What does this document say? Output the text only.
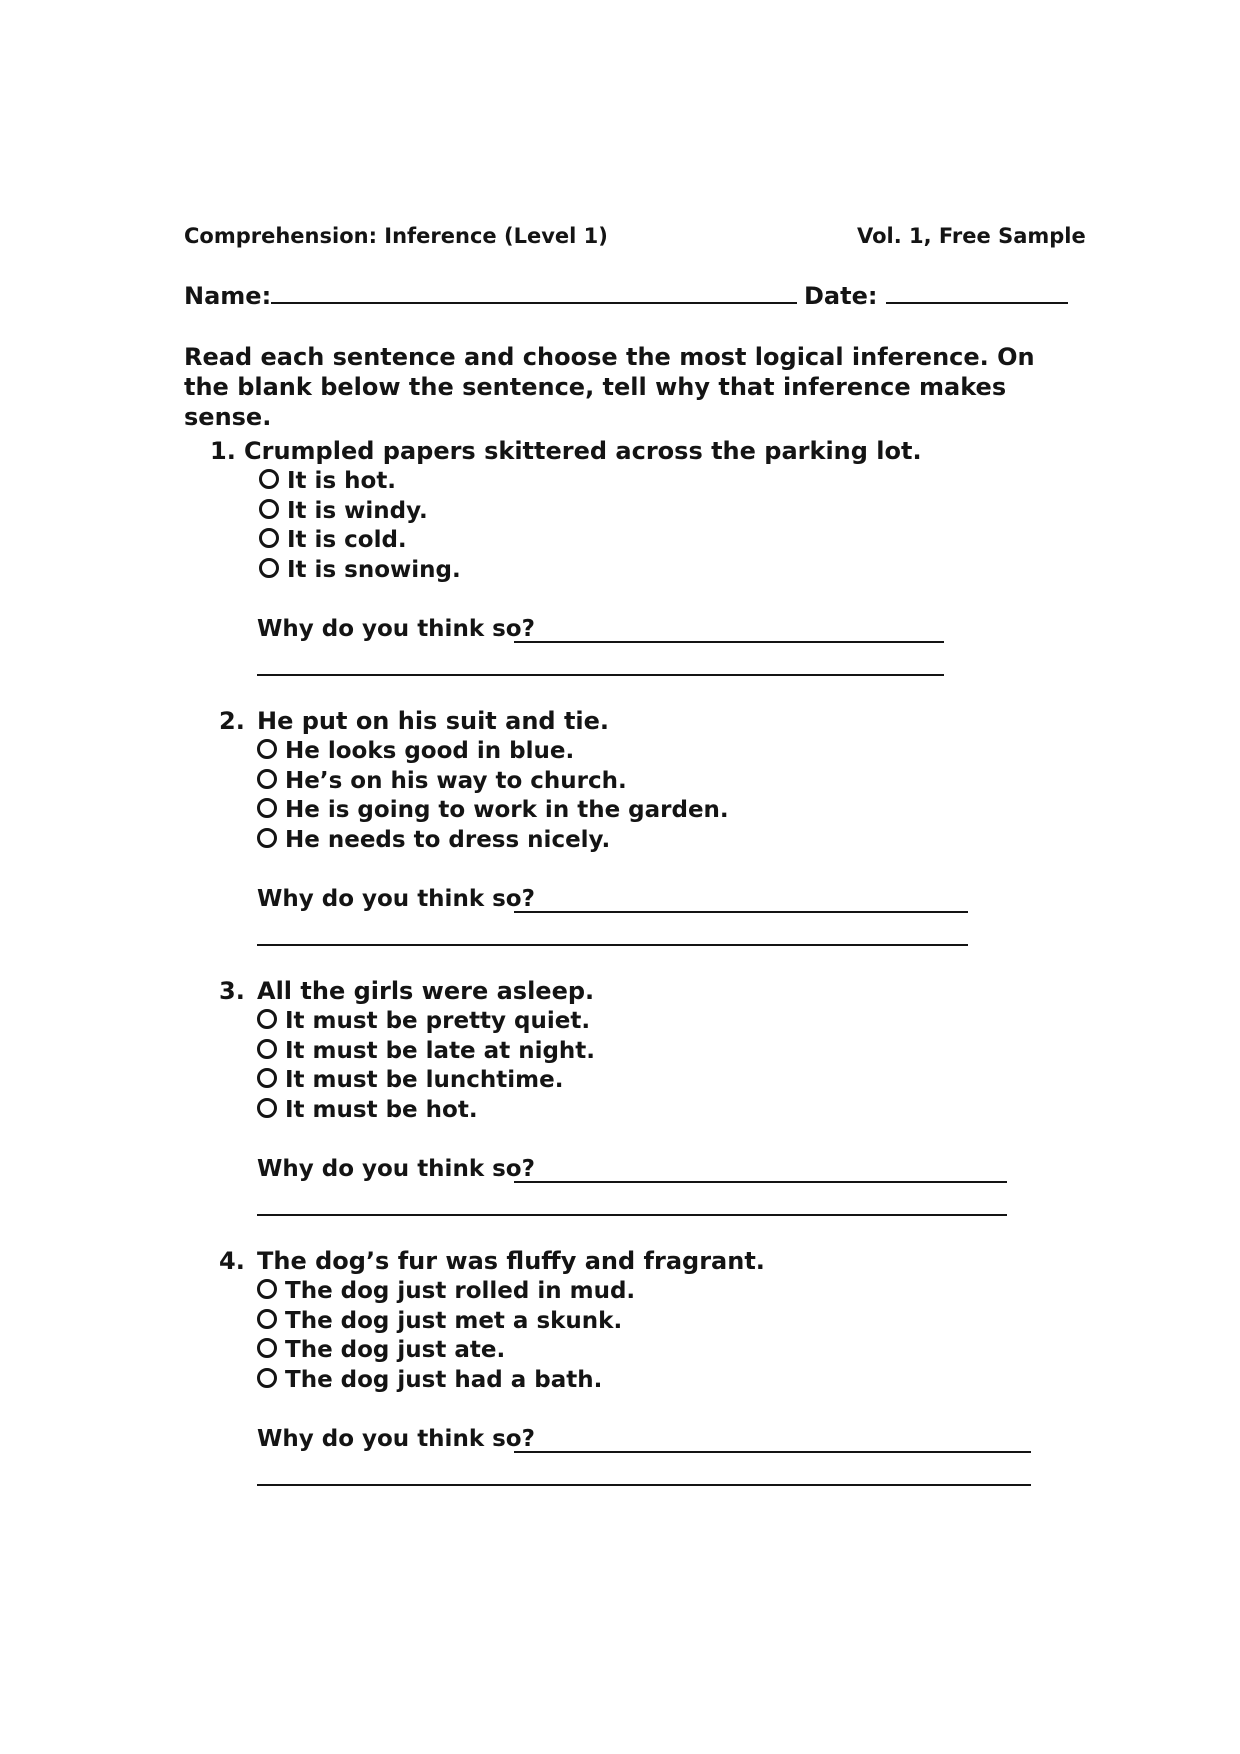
Comprehension: Inference (Level 1)	Vol. 1, Free Sample
Name:	Date:
Read each sentence and choose the most logical inference. On the blank below the sentence, tell why that inference makes sense.
1. Crumpled papers skittered across the parking lot.
It is hot.
It is windy.
It is cold.
It is snowing.
Why do you think so?
2. He put on his suit and tie.
He looks good in blue.
He’s on his way to church.
He is going to work in the garden.
He needs to dress nicely.
Why do you think so?
3. All the girls were asleep.
It must be pretty quiet.
It must be late at night.
It must be lunchtime.
It must be hot.
Why do you think so?
4. The dog’s fur was fluffy and fragrant.
The dog just rolled in mud.
The dog just met a skunk.
The dog just ate.
The dog just had a bath.
Why do you think so?
